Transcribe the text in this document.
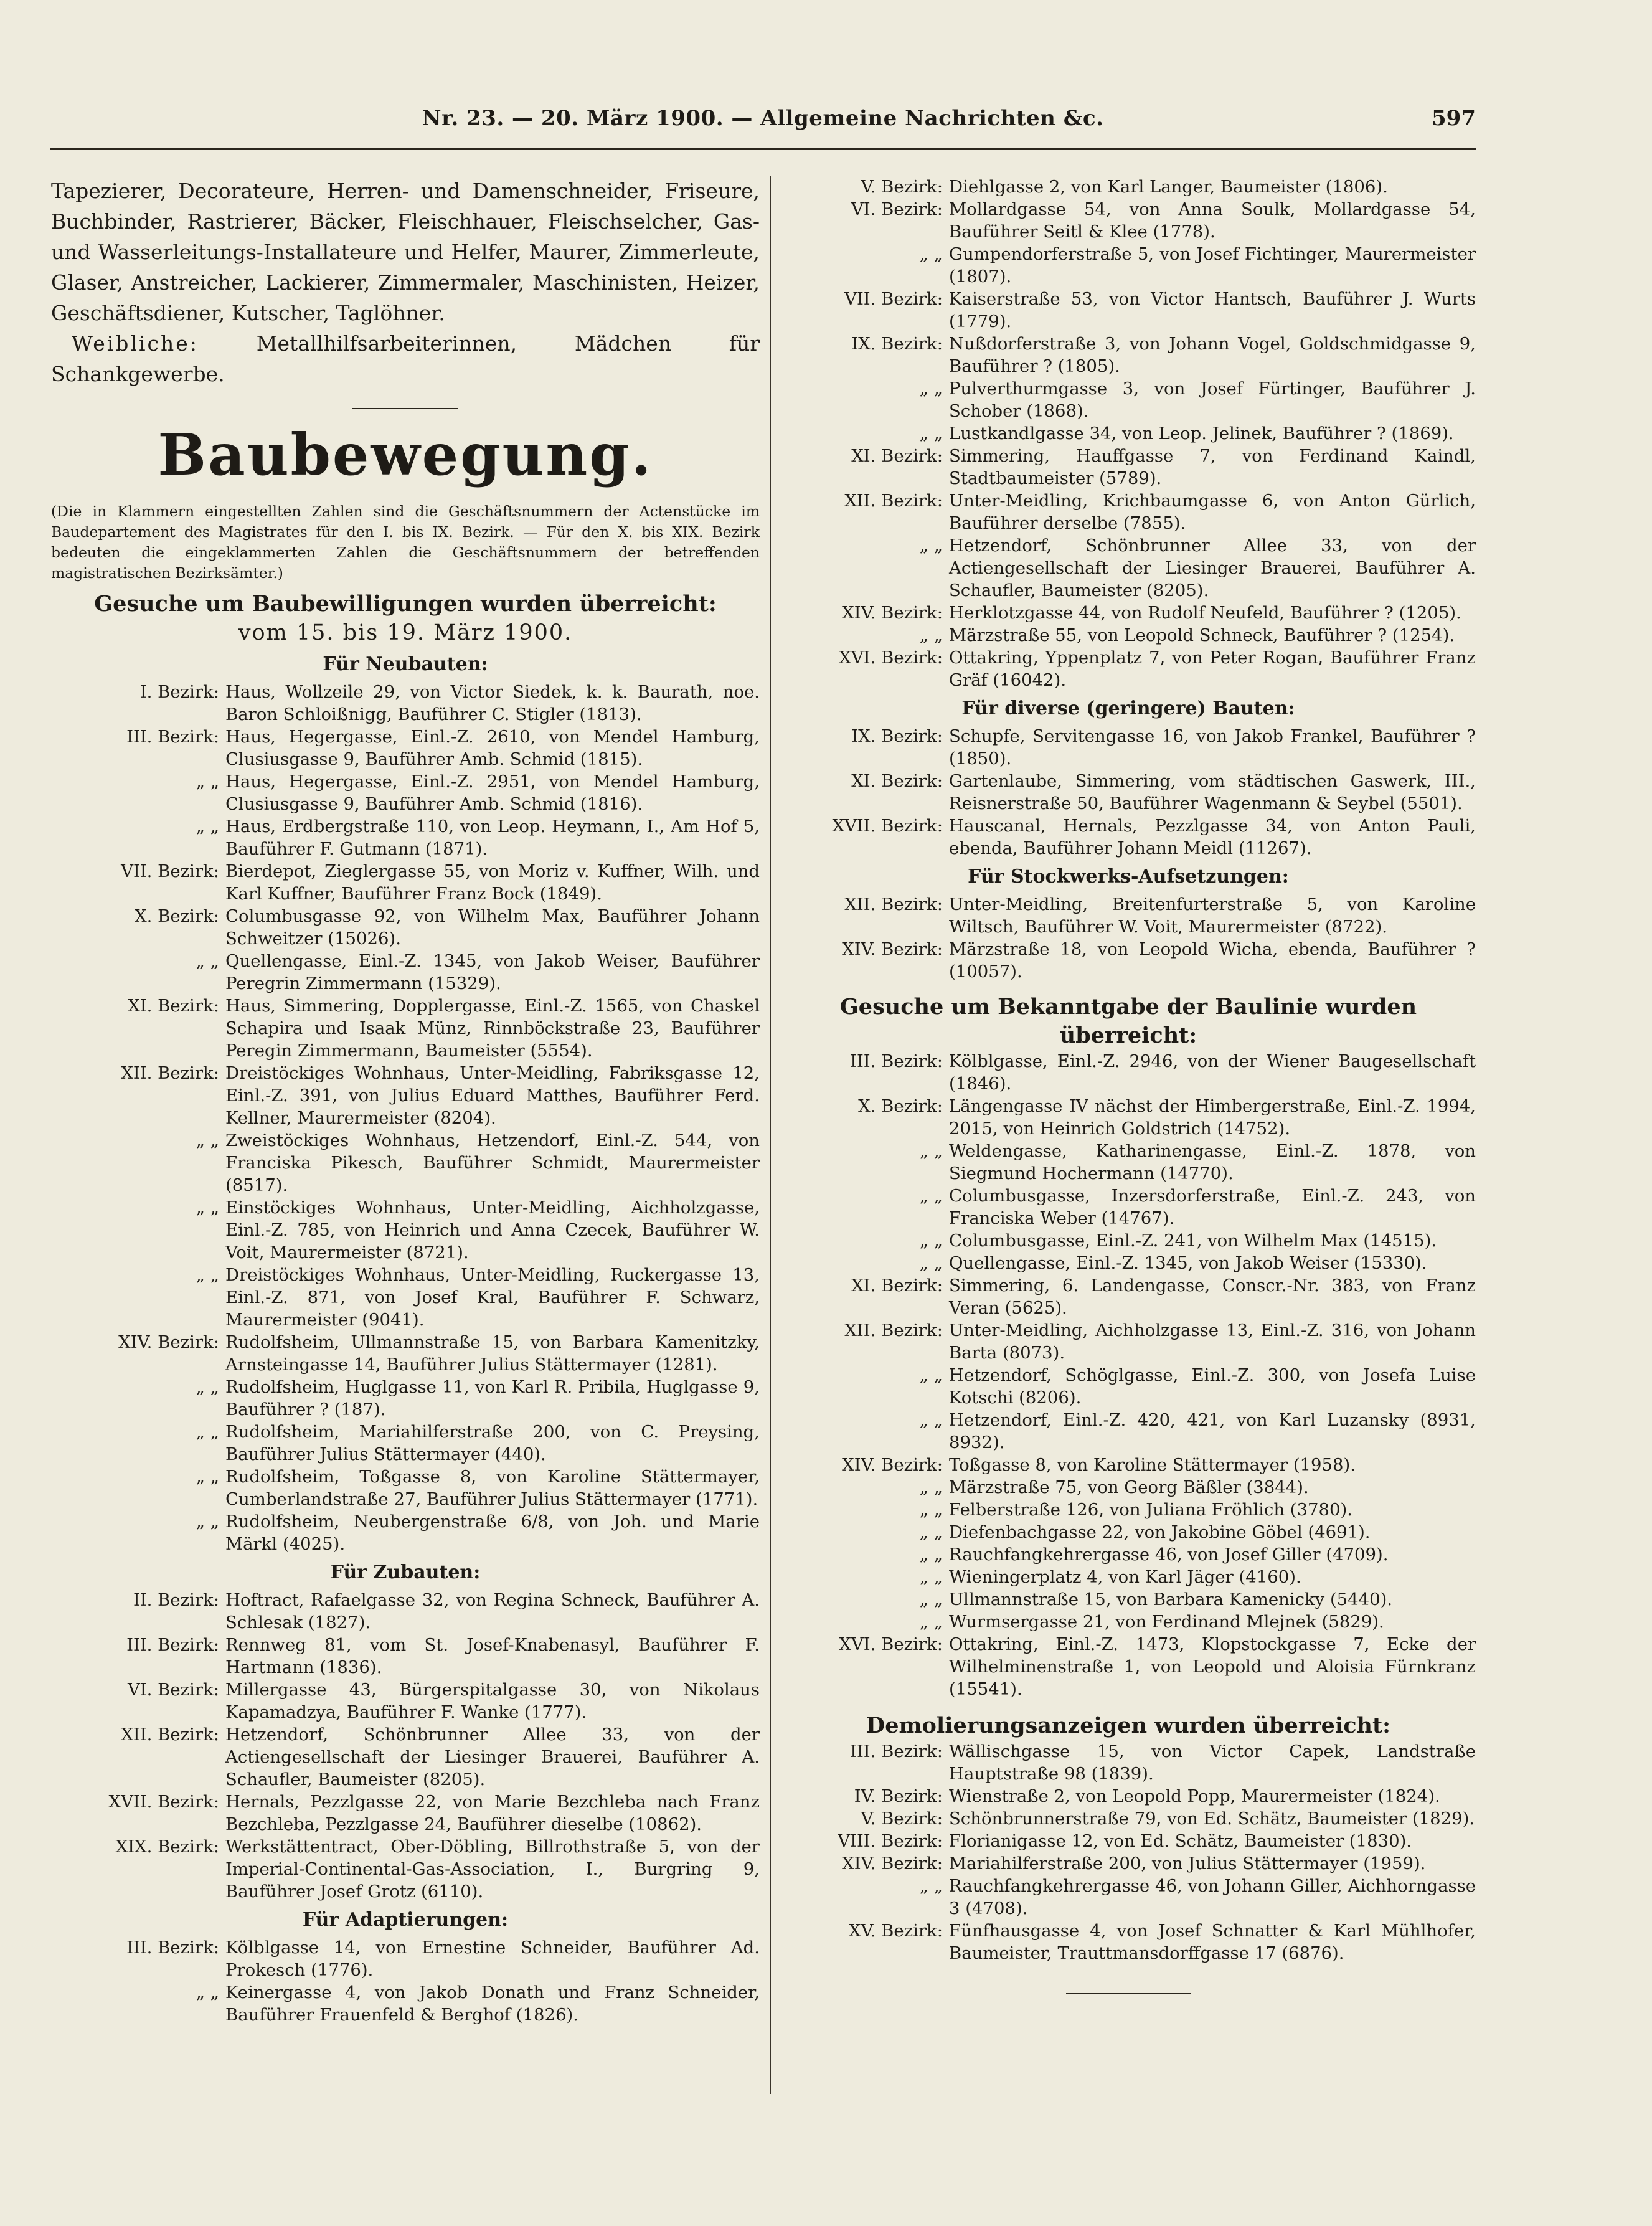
Nr. 23. — 20. März 1900. — Allgemeine Nachrichten &c.	597

Tapezierer, Decorateure, Herren- und Damenschneider, Friseure, Buchbinder, Rastrierer, Bäcker, Fleischhauer, Fleischselcher, Gas- und Wasserleitungs-Installateure und Helfer, Maurer, Zimmerleute, Glaser, Anstreicher, Lackierer, Zimmermaler, Maschinisten, Heizer, Geschäftsdiener, Kutscher, Taglöhner.

 Weibliche:	Metallhilfsarbeiterinnen, Mädchen für Schankgewerbe.

Baubewegung.

(Die in Klammern eingestellten Zahlen sind die Geschäftsnummern der Actenstücke im Baudepartement des Magistrates für den I. bis IX. Bezirk. — Für den X. bis XIX. Bezirk bedeuten die eingeklammerten Zahlen die Geschäftsnummern der betreffenden magistratischen Bezirksämter.)

Gesuche um Baubewilligungen wurden überreicht:
vom 15. bis 19. März 1900.
Für Neubauten:
I. Bezirk: Haus, Wollzeile 29, von Victor Siedek, k. k. Baurath, noe. Baron Schloißnigg, Bauführer C. Stigler (1813).
III. Bezirk: Haus, Hegergasse, Einl.-Z. 2610, von Mendel Hamburg, Clusiusgasse 9, Bauführer Amb. Schmid (1815).
„ „ Haus, Hegergasse, Einl.-Z. 2951, von Mendel Hamburg, Clusiusgasse 9, Bauführer Amb. Schmid (1816).
„ „ Haus, Erdbergstraße 110, von Leop. Heymann, I., Am Hof 5, Bauführer F. Gutmann (1871).
VII. Bezirk: Bierdepot, Zieglergasse 55, von Moriz v. Kuffner, Wilh. und Karl Kuffner, Bauführer Franz Bock (1849).
X. Bezirk: Columbusgasse 92, von Wilhelm Max, Bauführer Johann Schweitzer (15026).
„ „ Quellengasse, Einl.-Z. 1345, von Jakob Weiser, Bauführer Peregrin Zimmermann (15329).
XI. Bezirk: Haus, Simmering, Dopplergasse, Einl.-Z. 1565, von Chaskel Schapira und Isaak Münz, Rinnböckstraße 23, Bauführer Peregin Zimmermann, Baumeister (5554).
XII. Bezirk: Dreistöckiges Wohnhaus, Unter-Meidling, Fabriksgasse 12, Einl.-Z. 391, von Julius Eduard Matthes, Bauführer Ferd. Kellner, Maurermeister (8204).
„ „ Zweistöckiges Wohnhaus, Hetzendorf, Einl.-Z. 544, von Franciska Pikesch, Bauführer Schmidt, Maurermeister (8517).
„ „ Einstöckiges Wohnhaus, Unter-Meidling, Aichholzgasse, Einl.-Z. 785, von Heinrich und Anna Czecek, Bauführer W. Voit, Maurermeister (8721).
„ „ Dreistöckiges Wohnhaus, Unter-Meidling, Ruckergasse 13, Einl.-Z. 871, von Josef Kral, Bauführer F. Schwarz, Maurermeister (9041).
XIV. Bezirk: Rudolfsheim, Ullmannstraße 15, von Barbara Kamenitzky, Arnsteingasse 14, Bauführer Julius Stättermayer (1281).
„ „ Rudolfsheim, Huglgasse 11, von Karl R. Pribila, Huglgasse 9, Bauführer ? (187).
„ „ Rudolfsheim, Mariahilferstraße 200, von C. Preysing, Bauführer Julius Stättermayer (440).
„ „ Rudolfsheim, Toßgasse 8, von Karoline Stättermayer, Cumberlandstraße 27, Bauführer Julius Stättermayer (1771).
„ „ Rudolfsheim, Neubergenstraße 6/8, von Joh. und Marie Märkl (4025).
Für Zubauten:
II. Bezirk: Hoftract, Rafaelgasse 32, von Regina Schneck, Bauführer A. Schlesak (1827).
III. Bezirk: Rennweg 81, vom St. Josef-Knabenasyl, Bauführer F. Hartmann (1836).
VI. Bezirk: Millergasse 43, Bürgerspitalgasse 30, von Nikolaus Kapamadzya, Bauführer F. Wanke (1777).
XII. Bezirk: Hetzendorf, Schönbrunner Allee 33, von der Actiengesellschaft der Liesinger Brauerei, Bauführer A. Schaufler, Baumeister (8205).
XVII. Bezirk: Hernals, Pezzlgasse 22, von Marie Bezchleba nach Franz Bezchleba, Pezzlgasse 24, Bauführer dieselbe (10862).
XIX. Bezirk: Werkstättentract, Ober-Döbling, Billrothstraße 5, von der Imperial-Continental-Gas-Association, I., Burgring 9, Bauführer Josef Grotz (6110).
Für Adaptierungen:
III. Bezirk: Kölblgasse 14, von Ernestine Schneider, Bauführer Ad. Prokesch (1776).
„ „ Keinergasse 4, von Jakob Donath und Franz Schneider, Bauführer Frauenfeld & Berghof (1826).
V. Bezirk: Diehlgasse 2, von Karl Langer, Baumeister (1806).
VI. Bezirk: Mollardgasse 54, von Anna Soulk, Mollardgasse 54, Bauführer Seitl & Klee (1778).
„ „ Gumpendorferstraße 5, von Josef Fichtinger, Maurermeister (1807).
VII. Bezirk: Kaiserstraße 53, von Victor Hantsch, Bauführer J. Wurts (1779).
IX. Bezirk: Nußdorferstraße 3, von Johann Vogel, Goldschmidgasse 9, Bauführer ? (1805).
„ „ Pulverthurmgasse 3, von Josef Fürtinger, Bauführer J. Schober (1868).
„ „ Lustkandlgasse 34, von Leop. Jelinek, Bauführer ? (1869).
XI. Bezirk: Simmering, Hauffgasse 7, von Ferdinand Kaindl, Stadtbaumeister (5789).
XII. Bezirk: Unter-Meidling, Krichbaumgasse 6, von Anton Gürlich, Bauführer derselbe (7855).
„ „ Hetzendorf, Schönbrunner Allee 33, von der Actiengesellschaft der Liesinger Brauerei, Bauführer A. Schaufler, Baumeister (8205).
XIV. Bezirk: Herklotzgasse 44, von Rudolf Neufeld, Bauführer ? (1205).
„ „ Märzstraße 55, von Leopold Schneck, Bauführer ? (1254).
XVI. Bezirk: Ottakring, Yppenplatz 7, von Peter Rogan, Bauführer Franz Gräf (16042).
Für diverse (geringere) Bauten:
IX. Bezirk: Schupfe, Servitengasse 16, von Jakob Frankel, Bauführer ? (1850).
XI. Bezirk: Gartenlaube, Simmering, vom städtischen Gaswerk, III., Reisnerstraße 50, Bauführer Wagenmann & Seybel (5501).
XVII. Bezirk: Hauscanal, Hernals, Pezzlgasse 34, von Anton Pauli, ebenda, Bauführer Johann Meidl (11267).
Für Stockwerks-Aufsetzungen:
XII. Bezirk: Unter-Meidling, Breitenfurterstraße 5, von Karoline Wiltsch, Bauführer W. Voit, Maurermeister (8722).
XIV. Bezirk: Märzstraße 18, von Leopold Wicha, ebenda, Bauführer ? (10057).
Gesuche um Bekanntgabe der Baulinie wurden überreicht:
III. Bezirk: Kölblgasse, Einl.-Z. 2946, von der Wiener Baugesellschaft (1846).
X. Bezirk: Längengasse IV nächst der Himbergerstraße, Einl.-Z. 1994, 2015, von Heinrich Goldstrich (14752).
„ „ Weldengasse, Katharinengasse, Einl.-Z. 1878, von Siegmund Hochermann (14770).
„ „ Columbusgasse, Inzersdorferstraße, Einl.-Z. 243, von Franciska Weber (14767).
„ „ Columbusgasse, Einl.-Z. 241, von Wilhelm Max (14515).
„ „ Quellengasse, Einl.-Z. 1345, von Jakob Weiser (15330).
XI. Bezirk: Simmering, 6. Landengasse, Conscr.-Nr. 383, von Franz Veran (5625).
XII. Bezirk: Unter-Meidling, Aichholzgasse 13, Einl.-Z. 316, von Johann Barta (8073).
„ „ Hetzendorf, Schöglgasse, Einl.-Z. 300, von Josefa Luise Kotschi (8206).
„ „ Hetzendorf, Einl.-Z. 420, 421, von Karl Luzansky (8931, 8932).
XIV. Bezirk: Toßgasse 8, von Karoline Stättermayer (1958).
„ „ Märzstraße 75, von Georg Bäßler (3844).
„ „ Felberstraße 126, von Juliana Fröhlich (3780).
„ „ Diefenbachgasse 22, von Jakobine Göbel (4691).
„ „ Rauchfangkehrergasse 46, von Josef Giller (4709).
„ „ Wieningerplatz 4, von Karl Jäger (4160).
„ „ Ullmannstraße 15, von Barbara Kamenicky (5440).
„ „ Wurmsergasse 21, von Ferdinand Mlejnek (5829).
XVI. Bezirk: Ottakring, Einl.-Z. 1473, Klopstockgasse 7, Ecke der Wilhelminenstraße 1, von Leopold und Aloisia Fürnkranz (15541).
Demolierungsanzeigen wurden überreicht:
III. Bezirk: Wällischgasse 15, von Victor Capek, Landstraße Hauptstraße 98 (1839).
IV. Bezirk: Wienstraße 2, von Leopold Popp, Maurermeister (1824).
V. Bezirk: Schönbrunnerstraße 79, von Ed. Schätz, Baumeister (1829).
VIII. Bezirk: Florianigasse 12, von Ed. Schätz, Baumeister (1830).
XIV. Bezirk: Mariahilferstraße 200, von Julius Stättermayer (1959).
„ „ Rauchfangkehrergasse 46, von Johann Giller, Aichhorngasse 3 (4708).
XV. Bezirk: Fünfhausgasse 4, von Josef Schnatter & Karl Mühlhofer, Baumeister, Trauttmansdorffgasse 17 (6876).
